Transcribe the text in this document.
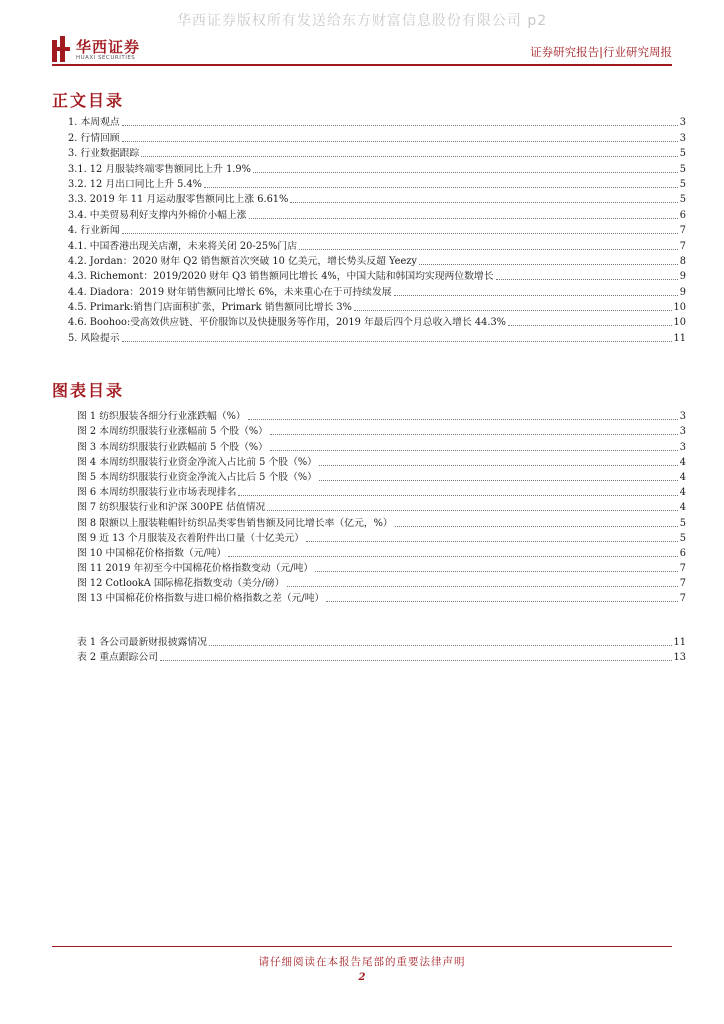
华西证券版权所有发送给东方财富信息股份有限公司 p2
华西证券
HUAXI SECURITIES	证券研究报告|行业研究周报
正文目录
1. 本周观点	3
2. 行情回顾	3
3. 行业数据跟踪	5
3.1. 12 月服装终端零售额同比上升 1.9%	5
3.2. 12 月出口同比上升 5.4%	5
3.3. 2019 年 11 月运动服零售额同比上涨 6.61%	5
3.4. 中美贸易利好支撑内外棉价小幅上涨	6
4. 行业新闻	7
4.1. 中国香港出现关店潮，未来将关闭 20-25%门店	7
4.2. Jordan：2020 财年 Q2 销售额首次突破 10 亿美元，增长势头反超 Yeezy	8
4.3. Richemont：2019/2020 财年 Q3 销售额同比增长 4%，中国大陆和韩国均实现两位数增长	9
4.4. Diadora：2019 财年销售额同比增长 6%，未来重心在于可持续发展	9
4.5. Primark:销售门店面积扩张，Primark 销售额同比增长 3%	10
4.6. Boohoo:受高效供应链、平价服饰以及快捷服务等作用，2019 年最后四个月总收入增长 44.3%	10
5. 风险提示	11
图表目录
图 1 纺织服装各细分行业涨跌幅（%）	3
图 2 本周纺织服装行业涨幅前 5 个股（%）	3
图 3 本周纺织服装行业跌幅前 5 个股（%）	3
图 4 本周纺织服装行业资金净流入占比前 5 个股（%）	4
图 5 本周纺织服装行业资金净流入占比后 5 个股（%）	4
图 6 本周纺织服装行业市场表现排名	4
图 7 纺织服装行业和沪深 300PE 估值情况	4
图 8 限额以上服装鞋帽针纺织品类零售销售额及同比增长率（亿元，%）	5
图 9 近 13 个月服装及衣着附件出口量（十亿美元）	5
图 10 中国棉花价格指数（元/吨）	6
图 11 2019 年初至今中国棉花价格指数变动（元/吨）	7
图 12 CotlookA 国际棉花指数变动（美分/磅）	7
图 13 中国棉花价格指数与进口棉价格指数之差（元/吨）	7
表 1 各公司最新财报披露情况	11
表 2 重点跟踪公司	13
请仔细阅读在本报告尾部的重要法律声明
2
